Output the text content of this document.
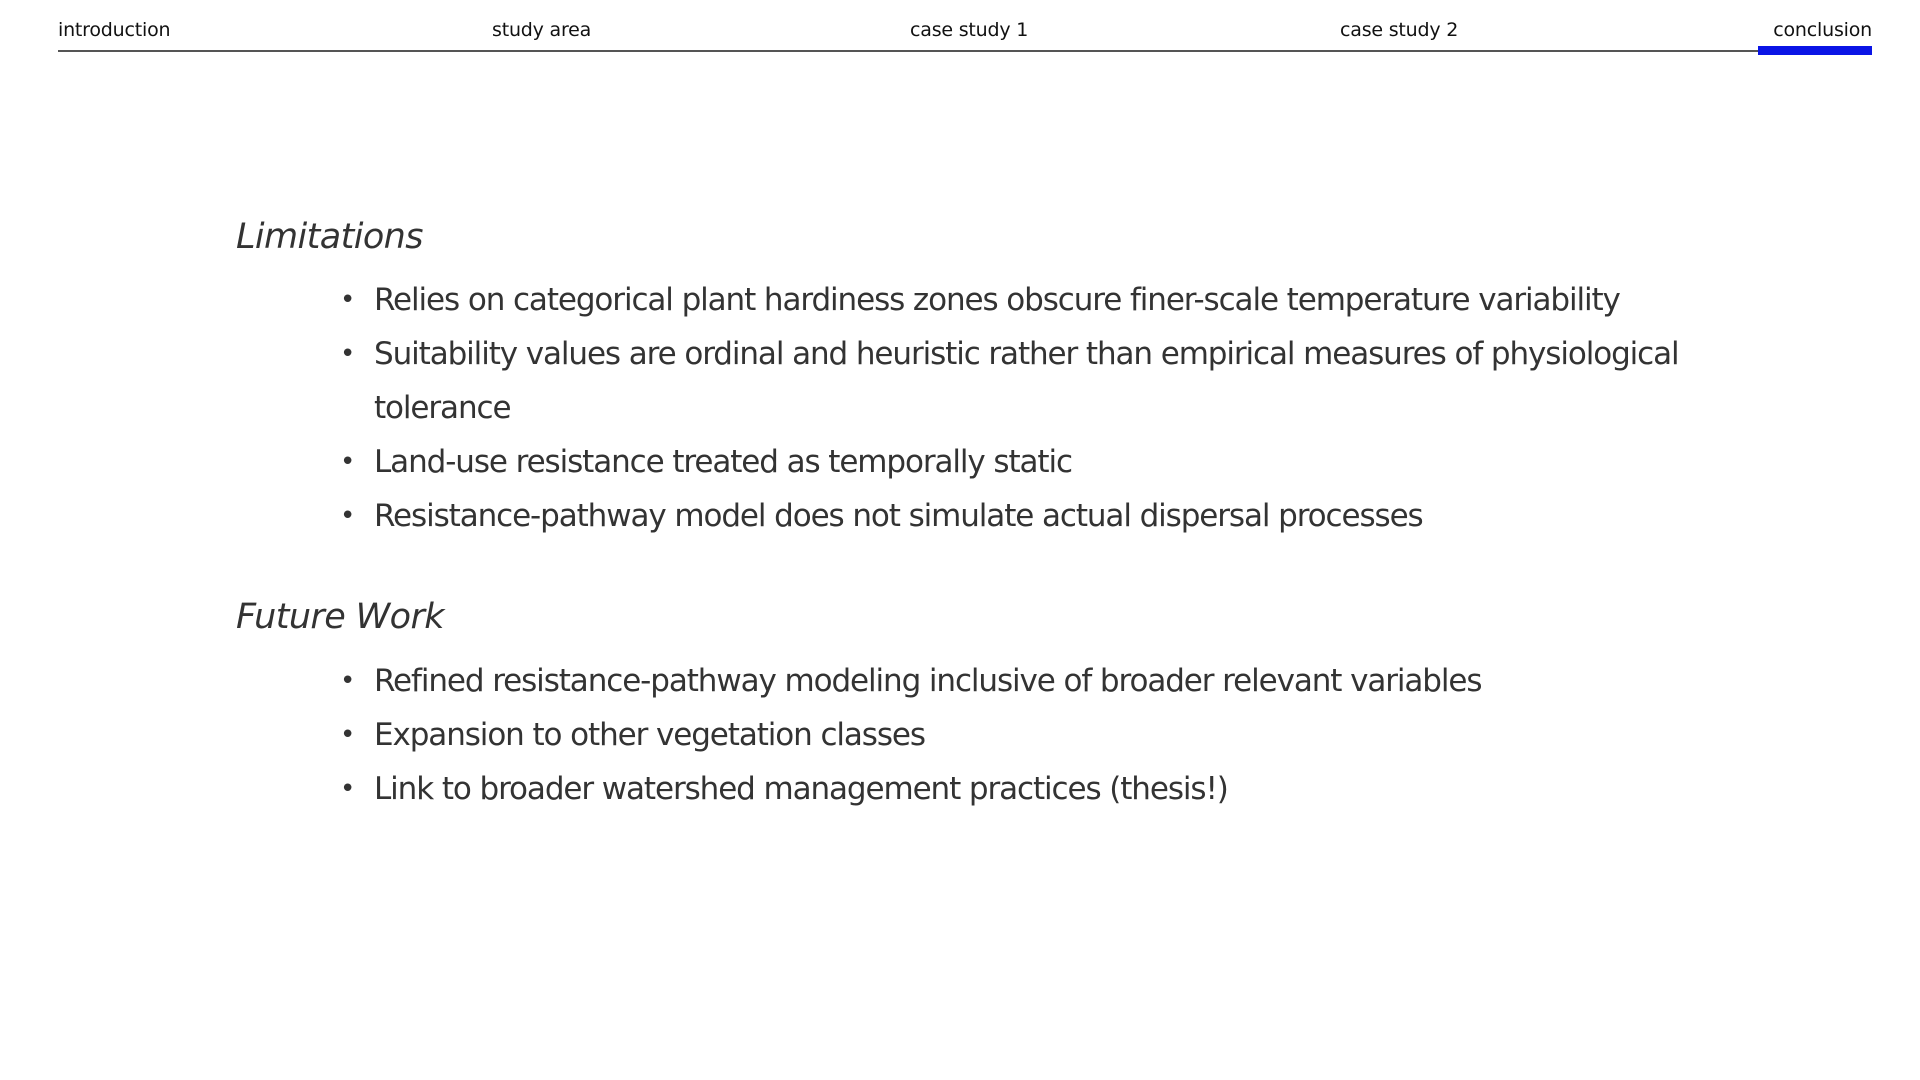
introduction	study area	case study 1	case study 2	conclusion
Limitations
• Relies on categorical plant hardiness zones obscure finer-scale temperature variability
• Suitability values are ordinal and heuristic rather than empirical measures of physiological tolerance
• Land-use resistance treated as temporally static
• Resistance-pathway model does not simulate actual dispersal processes
Future Work
• Refined resistance-pathway modeling inclusive of broader relevant variables
• Expansion to other vegetation classes
• Link to broader watershed management practices (thesis!)
